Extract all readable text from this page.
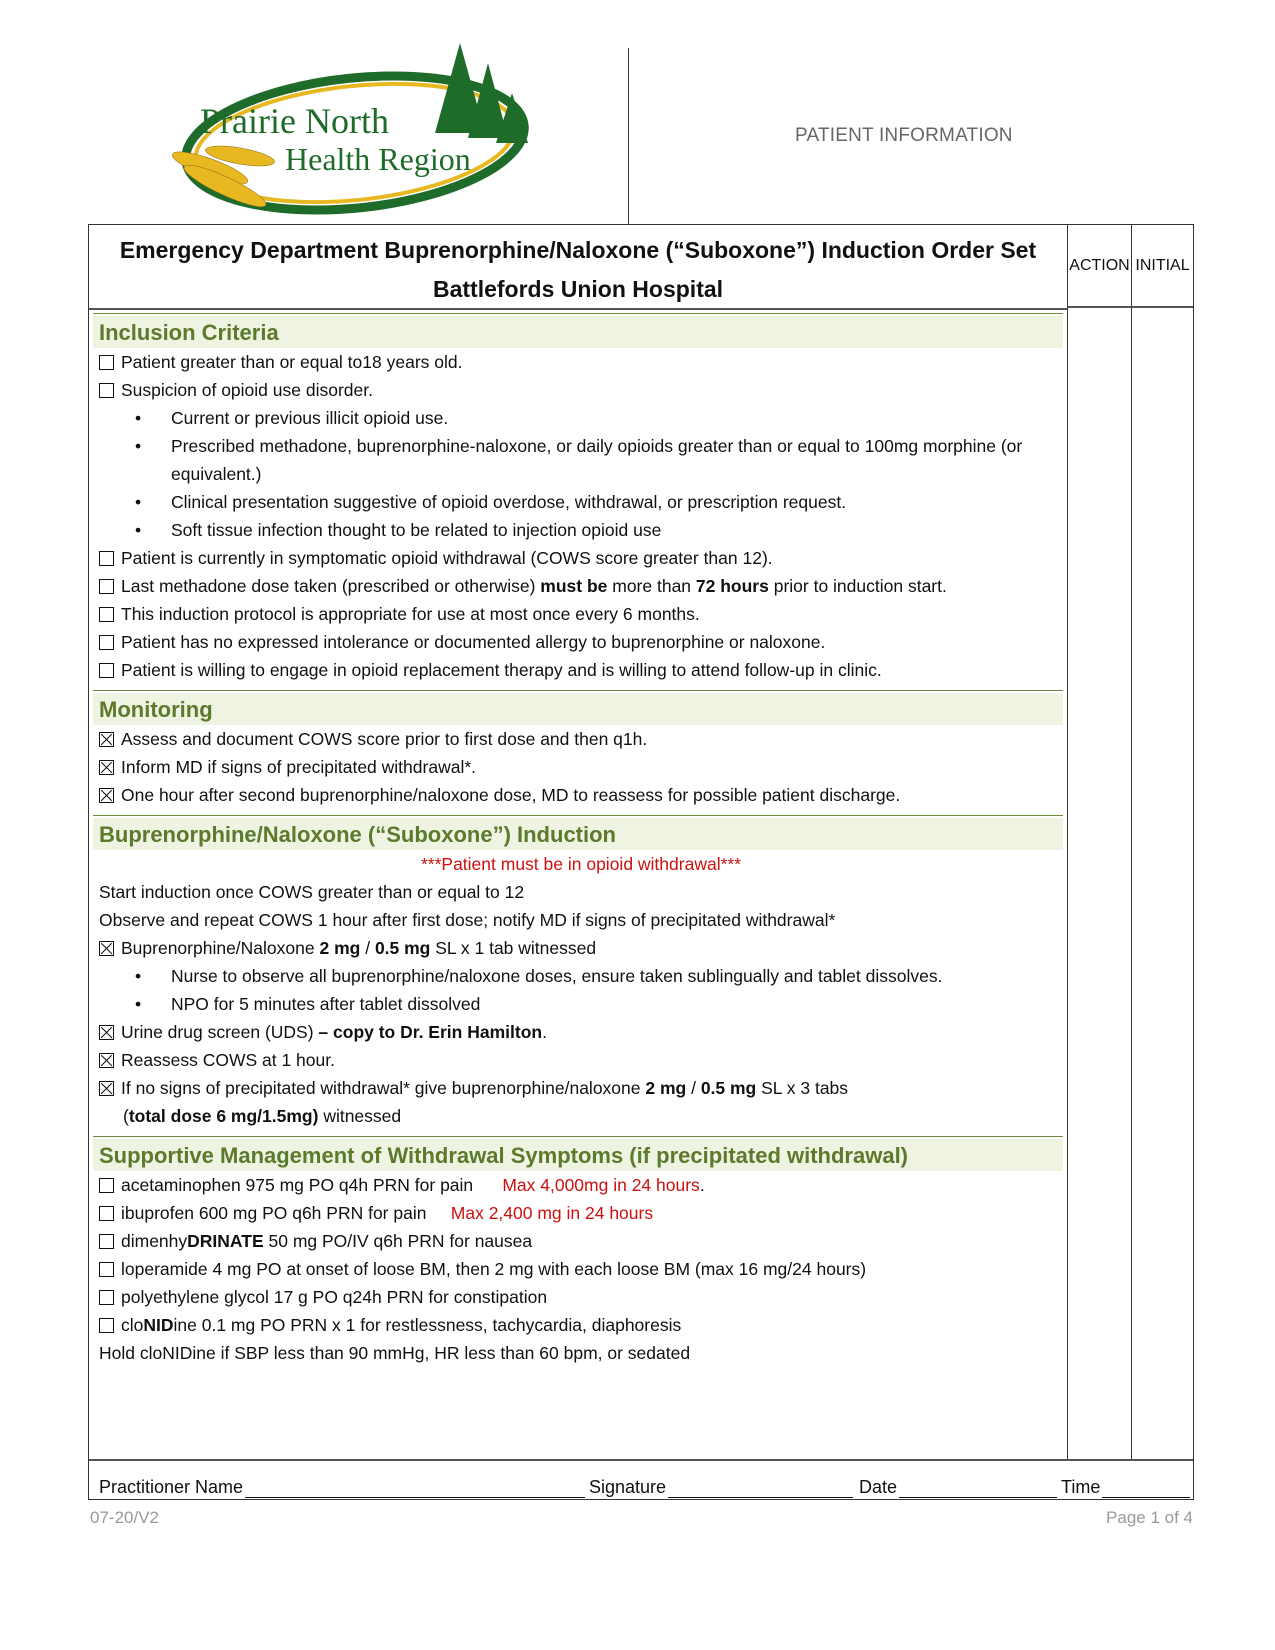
Prairie North
Health Region
PATIENT INFORMATION
Emergency Department Buprenorphine/Naloxone (“Suboxone”) Induction Order Set
Battlefords Union Hospital
ACTION INITIAL
Inclusion Criteria
Patient greater than or equal to18 years old.
Suspicion of opioid use disorder.
• Current or previous illicit opioid use.
• Prescribed methadone, buprenorphine-naloxone, or daily opioids greater than or equal to 100mg morphine (or equivalent.)
• Clinical presentation suggestive of opioid overdose, withdrawal, or prescription request.
• Soft tissue infection thought to be related to injection opioid use
Patient is currently in symptomatic opioid withdrawal (COWS score greater than 12).
Last methadone dose taken (prescribed or otherwise) must be more than 72 hours prior to induction start.
This induction protocol is appropriate for use at most once every 6 months.
Patient has no expressed intolerance or documented allergy to buprenorphine or naloxone.
Patient is willing to engage in opioid replacement therapy and is willing to attend follow-up in clinic.
Monitoring
Assess and document COWS score prior to first dose and then q1h.
Inform MD if signs of precipitated withdrawal*.
One hour after second buprenorphine/naloxone dose, MD to reassess for possible patient discharge.
Buprenorphine/Naloxone (“Suboxone”) Induction
***Patient must be in opioid withdrawal***
Start induction once COWS greater than or equal to 12
Observe and repeat COWS 1 hour after first dose; notify MD if signs of precipitated withdrawal*
Buprenorphine/Naloxone 2 mg / 0.5 mg SL x 1 tab witnessed
• Nurse to observe all buprenorphine/naloxone doses, ensure taken sublingually and tablet dissolves.
• NPO for 5 minutes after tablet dissolved
Urine drug screen (UDS) – copy to Dr. Erin Hamilton.
Reassess COWS at 1 hour.
If no signs of precipitated withdrawal* give buprenorphine/naloxone 2 mg / 0.5 mg SL x 3 tabs
(total dose 6 mg/1.5mg) witnessed
Supportive Management of Withdrawal Symptoms (if precipitated withdrawal)
acetaminophen 975 mg PO q4h PRN for pain      Max 4,000mg in 24 hours.
ibuprofen 600 mg PO q6h PRN for pain     Max 2,400 mg in 24 hours
dimenhyDRINATE 50 mg PO/IV q6h PRN for nausea
loperamide 4 mg PO at onset of loose BM, then 2 mg with each loose BM (max 16 mg/24 hours)
polyethylene glycol 17 g PO q24h PRN for constipation
cloNIDine 0.1 mg PO PRN x 1 for restlessness, tachycardia, diaphoresis
Hold cloNIDine if SBP less than 90 mmHg, HR less than 60 bpm, or sedated
Practitioner Name	Signature	Date	Time
07-20/V2	Page 1 of 4
